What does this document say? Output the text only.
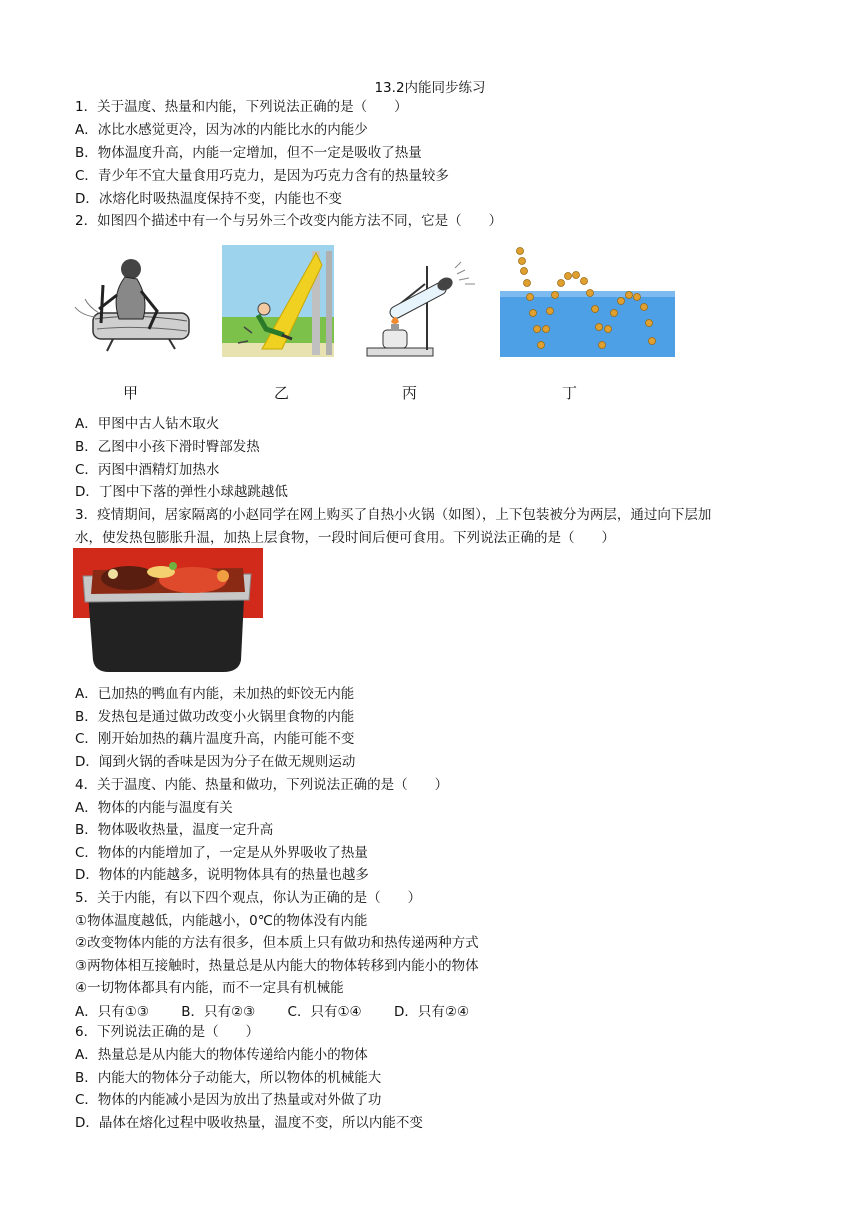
13.2内能同步练习
1．关于温度、热量和内能，下列说法正确的是（　　）
A．冰比水感觉更冷，因为冰的内能比水的内能少
B．物体温度升高，内能一定增加，但不一定是吸收了热量
C．青少年不宜大量食用巧克力，是因为巧克力含有的热量较多
D．冰熔化时吸热温度保持不变，内能也不变
2．如图四个描述中有一个与另外三个改变内能方法不同，它是（　　）
甲	乙	丙	丁
A．甲图中古人钻木取火
B．乙图中小孩下滑时臀部发热
C．丙图中酒精灯加热水
D．丁图中下落的弹性小球越跳越低
3．疫情期间，居家隔离的小赵同学在网上购买了自热小火锅（如图），上下包装被分为两层，通过向下层加
水，使发热包膨胀升温，加热上层食物，一段时间后便可食用。下列说法正确的是（　　）
A．已加热的鸭血有内能，未加热的虾饺无内能
B．发热包是通过做功改变小火锅里食物的内能
C．刚开始加热的藕片温度升高，内能可能不变
D．闻到火锅的香味是因为分子在做无规则运动
4．关于温度、内能、热量和做功，下列说法正确的是（　　）
A．物体的内能与温度有关
B．物体吸收热量，温度一定升高
C．物体的内能增加了，一定是从外界吸收了热量
D．物体的内能越多，说明物体具有的热量也越多
5．关于内能，有以下四个观点，你认为正确的是（　　）
①物体温度越低，内能越小，0℃的物体没有内能
②改变物体内能的方法有很多，但本质上只有做功和热传递两种方式
③两物体相互接触时，热量总是从内能大的物体转移到内能小的物体
④一切物体都具有内能，而不一定具有机械能
A．只有①③ B．只有②③ C．只有①④ D．只有②④
6．下列说法正确的是（　　）
A．热量总是从内能大的物体传递给内能小的物体
B．内能大的物体分子动能大，所以物体的机械能大
C．物体的内能减小是因为放出了热量或对外做了功
D．晶体在熔化过程中吸收热量，温度不变，所以内能不变
